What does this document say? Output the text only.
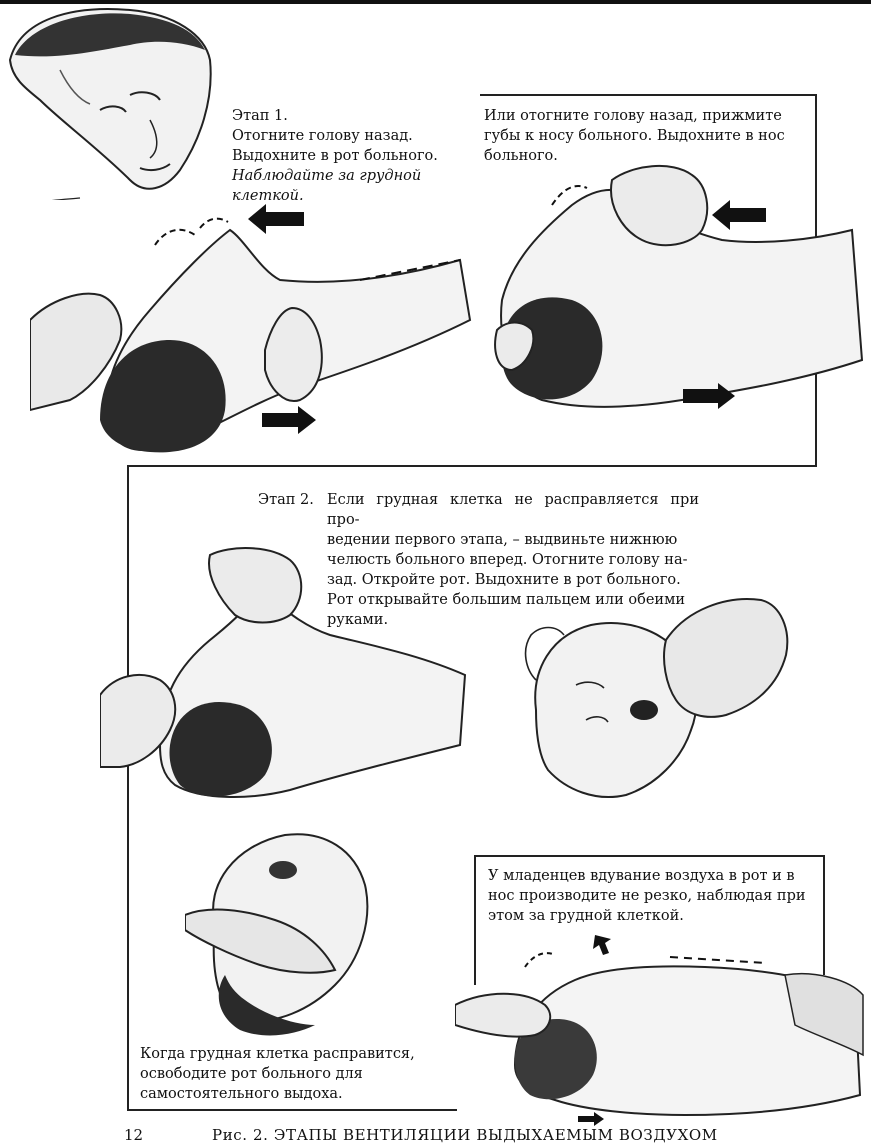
Этап 1.

Отогните голову назад.

Выдохните в рот больного.

Наблюдайте за грудной клеткой.

Или отогните голову назад, прижмите

губы к носу больного. Выдохните в нос

больного.

Этап 2. Если грудная клетка не расправляется при про-

ведении первого этапа, – выдвиньте нижнюю

челюсть больного вперед. Отогните голову на-

зад. Откройте рот. Выдохните в рот больного.

Рот открывайте большим пальцем или обеими

руками.

У младенцев вдувание воздуха в рот и в

нос производите не резко, наблюдая при

этом за грудной клеткой.

Когда грудная клетка расправится,

освободите рот больного для

самостоятельного выдоха.

12	Рис. 2. ЭТАПЫ ВЕНТИЛЯЦИИ ВЫДЫХАЕМЫМ ВОЗДУХОМ
